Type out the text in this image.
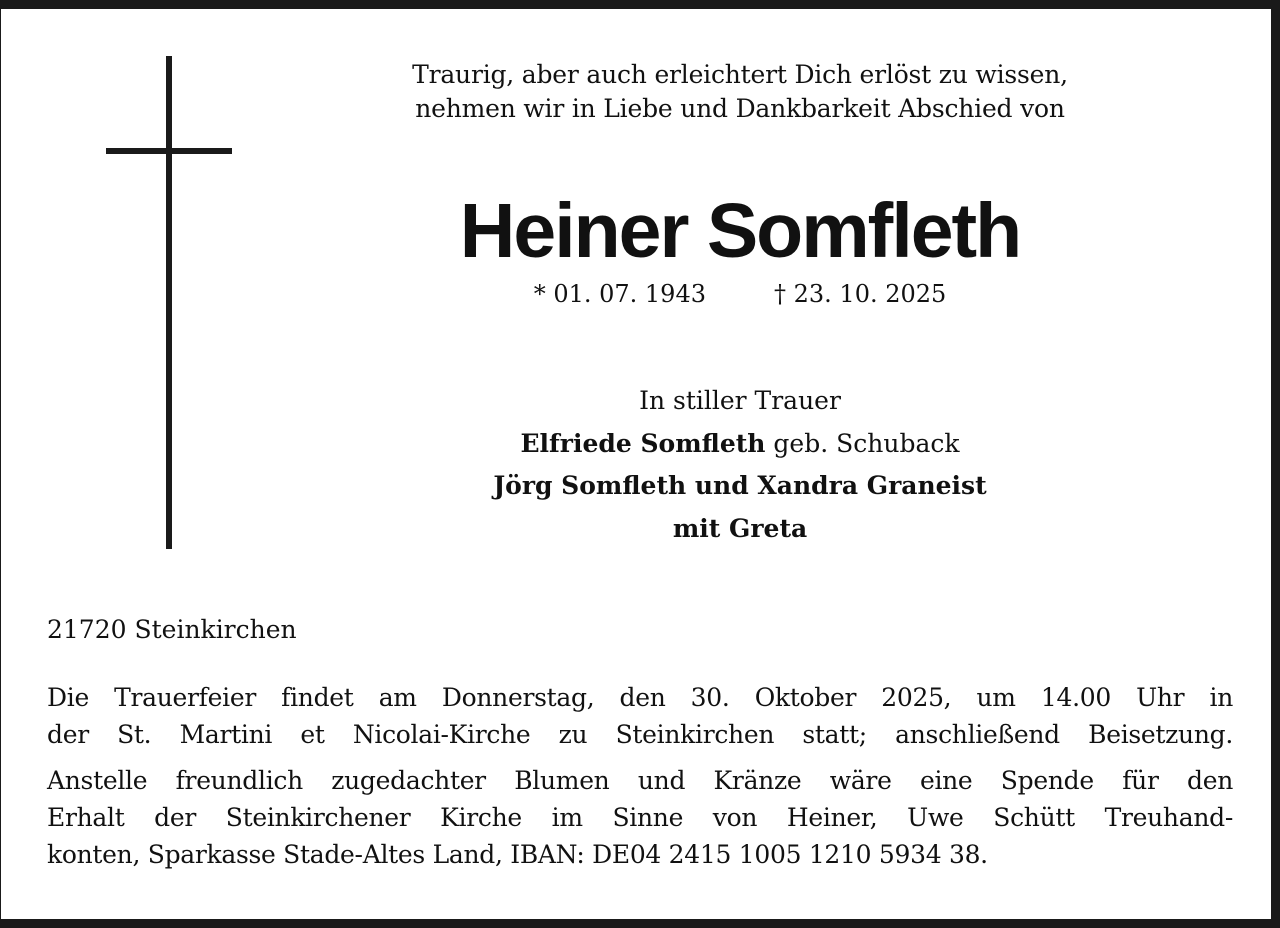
Traurig, aber auch erleichtert Dich erlöst zu wissen,
nehmen wir in Liebe und Dankbarkeit Abschied von
Heiner Somfleth
* 01. 07. 1943	† 23. 10. 2025
In stiller Trauer
Elfriede Somfleth geb. Schuback
Jörg Somfleth und Xandra Graneist
mit Greta
21720 Steinkirchen
Die Trauerfeier findet am Donnerstag, den 30. Oktober 2025, um 14.00 Uhr in
der St. Martini et Nicolai-Kirche zu Steinkirchen statt; anschließend Beisetzung.
Anstelle freundlich zugedachter Blumen und Kränze wäre eine Spende für den
Erhalt der Steinkirchener Kirche im Sinne von Heiner, Uwe Schütt Treuhand-
konten, Sparkasse Stade-Altes Land, IBAN: DE04 2415 1005 1210 5934 38.
